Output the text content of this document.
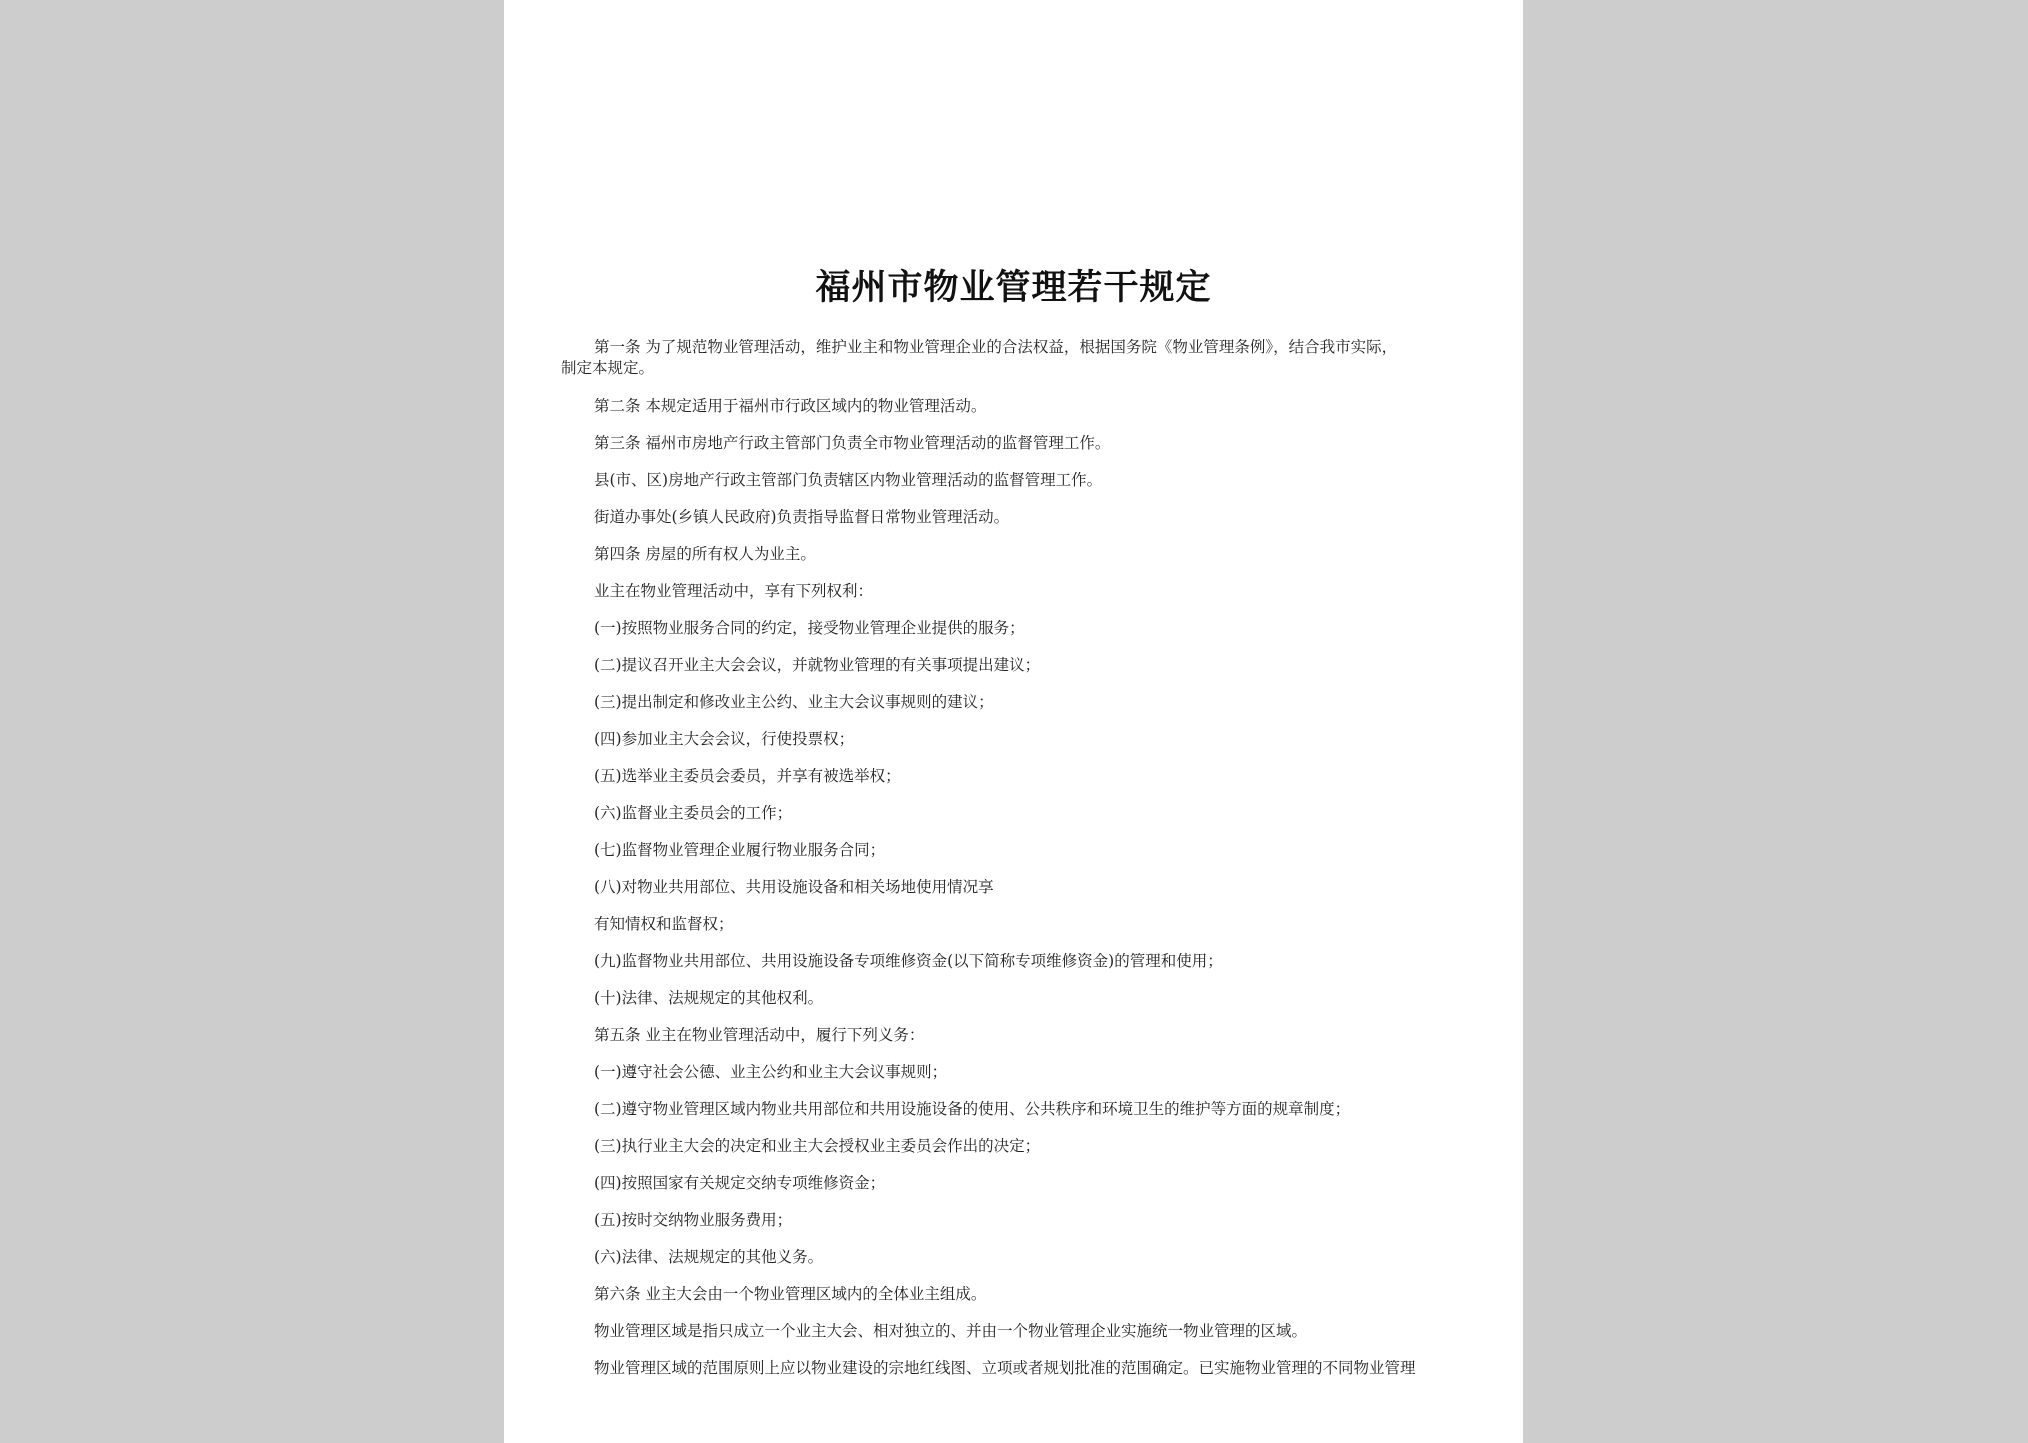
福州市物业管理若干规定
第一条 为了规范物业管理活动，维护业主和物业管理企业的合法权益，根据国务院《物业管理条例》，结合我市实际，
制定本规定。
第二条 本规定适用于福州市行政区域内的物业管理活动。
第三条 福州市房地产行政主管部门负责全市物业管理活动的监督管理工作。
县(市、区)房地产行政主管部门负责辖区内物业管理活动的监督管理工作。
街道办事处(乡镇人民政府)负责指导监督日常物业管理活动。
第四条 房屋的所有权人为业主。
业主在物业管理活动中，享有下列权利：
(一)按照物业服务合同的约定，接受物业管理企业提供的服务；
(二)提议召开业主大会会议，并就物业管理的有关事项提出建议；
(三)提出制定和修改业主公约、业主大会议事规则的建议；
(四)参加业主大会会议，行使投票权；
(五)选举业主委员会委员，并享有被选举权；
(六)监督业主委员会的工作；
(七)监督物业管理企业履行物业服务合同；
(八)对物业共用部位、共用设施设备和相关场地使用情况享
有知情权和监督权；
(九)监督物业共用部位、共用设施设备专项维修资金(以下简称专项维修资金)的管理和使用；
(十)法律、法规规定的其他权利。
第五条 业主在物业管理活动中，履行下列义务：
(一)遵守社会公德、业主公约和业主大会议事规则；
(二)遵守物业管理区域内物业共用部位和共用设施设备的使用、公共秩序和环境卫生的维护等方面的规章制度；
(三)执行业主大会的决定和业主大会授权业主委员会作出的决定；
(四)按照国家有关规定交纳专项维修资金；
(五)按时交纳物业服务费用；
(六)法律、法规规定的其他义务。
第六条 业主大会由一个物业管理区域内的全体业主组成。
物业管理区域是指只成立一个业主大会、相对独立的、并由一个物业管理企业实施统一物业管理的区域。
物业管理区域的范围原则上应以物业建设的宗地红线图、立项或者规划批准的范围确定。已实施物业管理的不同物业管理
